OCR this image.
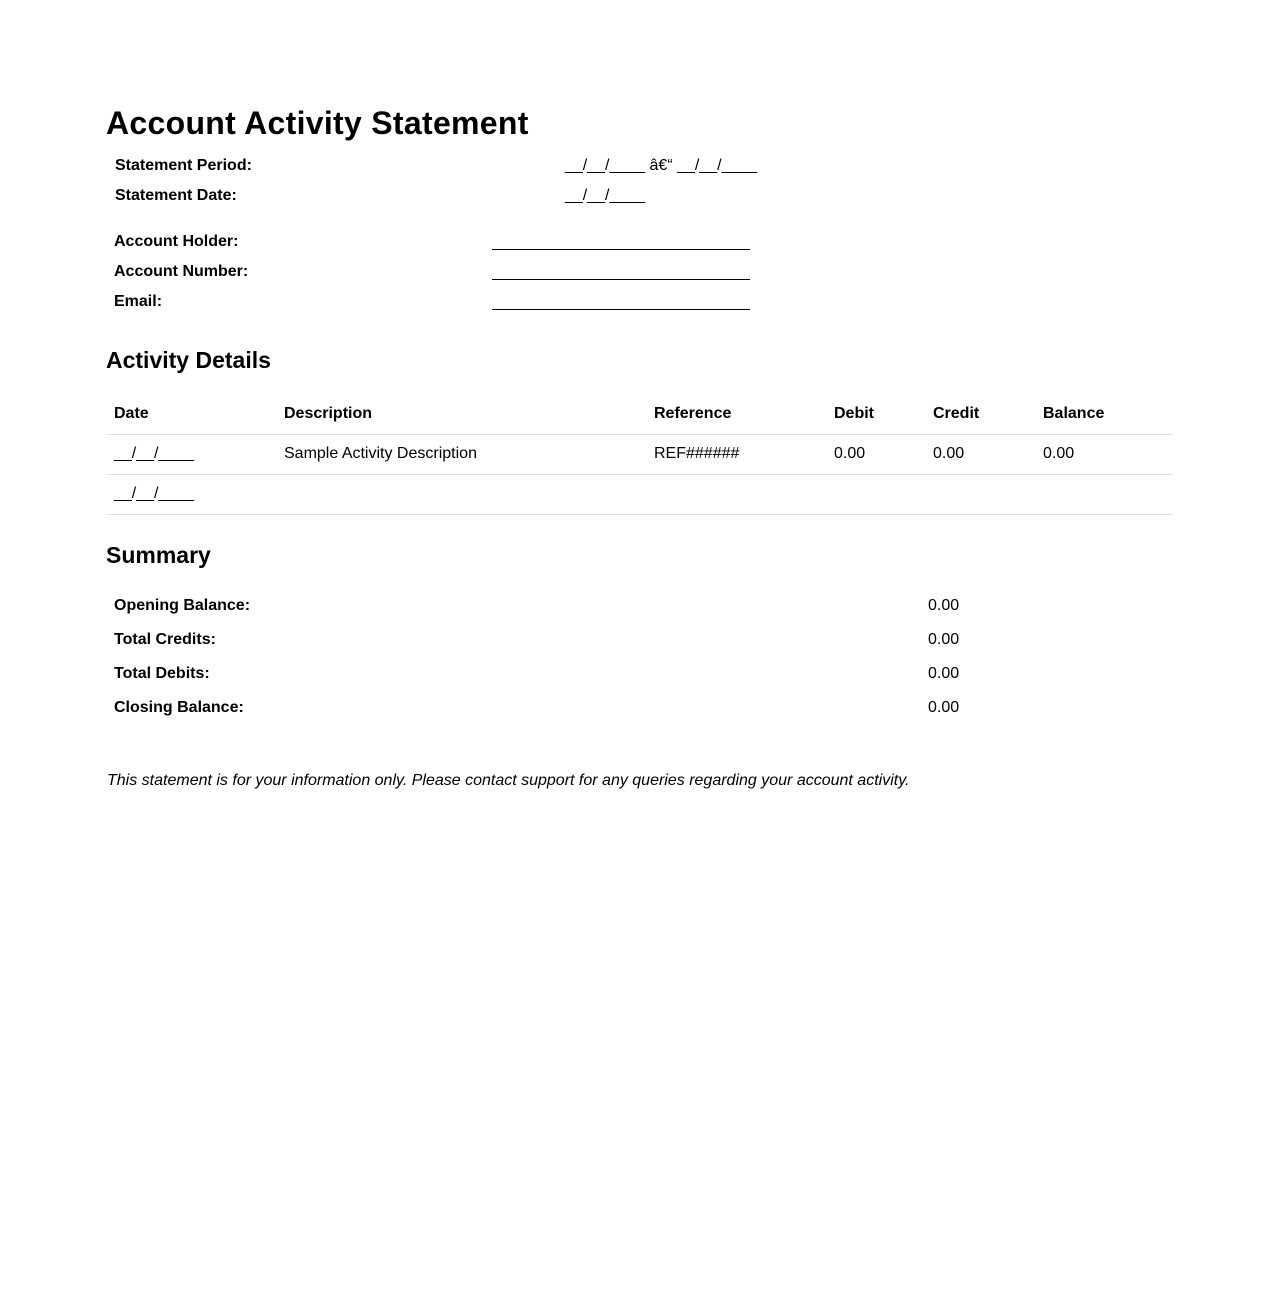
Account Activity Statement
Statement Period:	__/__/____ â€“ __/__/____
Statement Date:	__/__/____
Account Holder:
Account Number:
Email:
Activity Details
Date	Description	Reference	Debit	Credit	Balance
__/__/____	Sample Activity Description	REF######	0.00	0.00	0.00
__/__/____
Summary
Opening Balance:	0.00
Total Credits:	0.00
Total Debits:	0.00
Closing Balance:	0.00

This statement is for your information only. Please contact support for any queries regarding your account activity.
